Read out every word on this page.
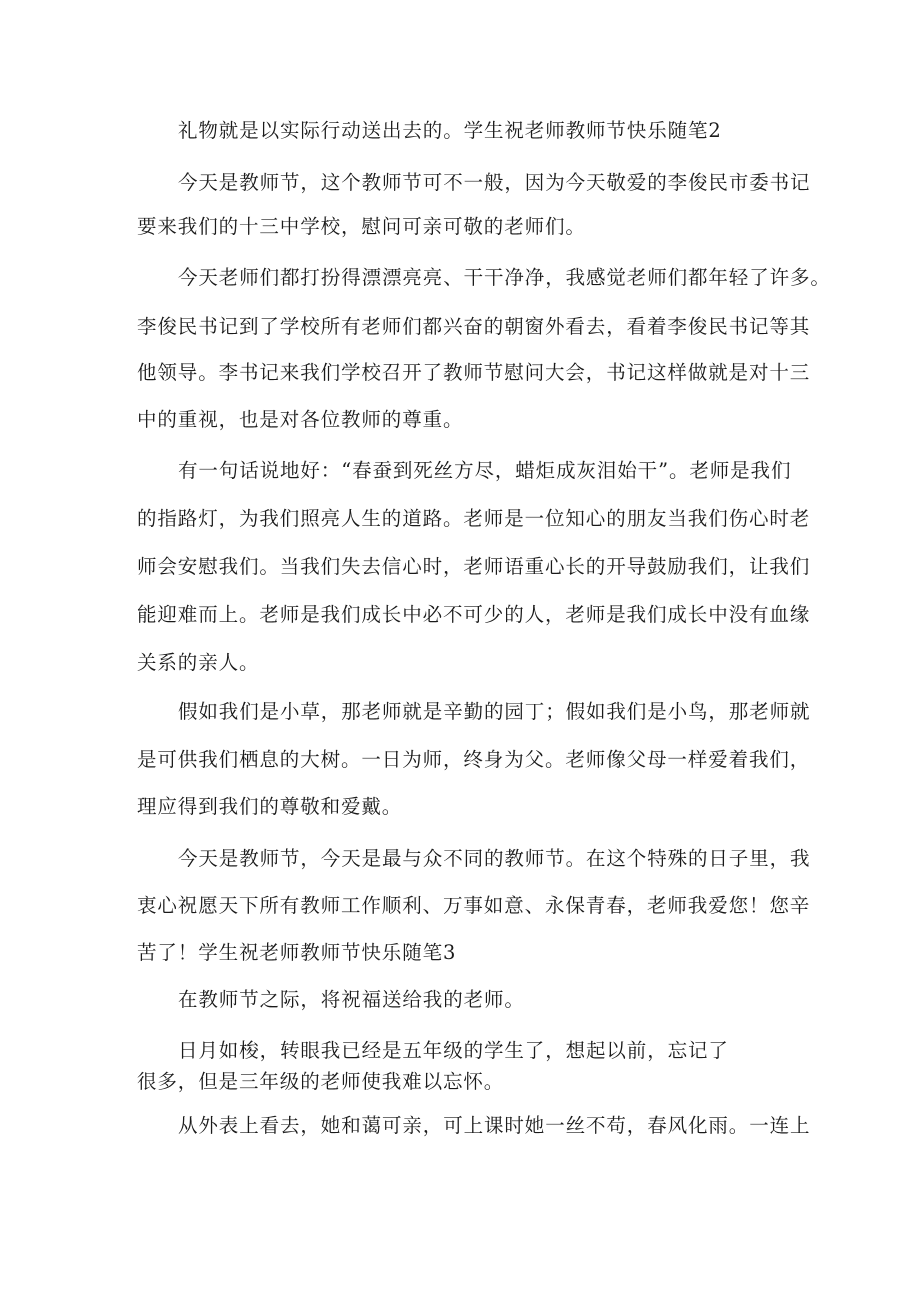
礼物就是以实际行动送出去的。学生祝老师教师节快乐随笔2
今天是教师节，这个教师节可不一般，因为今天敬爱的李俊民市委书记
要来我们的十三中学校，慰问可亲可敬的老师们。
今天老师们都打扮得漂漂亮亮、干干净净，我感觉老师们都年轻了许多。
李俊民书记到了学校所有老师们都兴奋的朝窗外看去，看着李俊民书记等其
他领导。李书记来我们学校召开了教师节慰问大会，书记这样做就是对十三
中的重视，也是对各位教师的尊重。
有一句话说地好：“春蚕到死丝方尽，蜡炬成灰泪始干”。老师是我们
的指路灯，为我们照亮人生的道路。老师是一位知心的朋友当我们伤心时老
师会安慰我们。当我们失去信心时，老师语重心长的开导鼓励我们，让我们
能迎难而上。老师是我们成长中必不可少的人，老师是我们成长中没有血缘
关系的亲人。
假如我们是小草，那老师就是辛勤的园丁；假如我们是小鸟，那老师就
是可供我们栖息的大树。一日为师，终身为父。老师像父母一样爱着我们，
理应得到我们的尊敬和爱戴。
今天是教师节，今天是最与众不同的教师节。在这个特殊的日子里，我
衷心祝愿天下所有教师工作顺利、万事如意、永保青春，老师我爱您！您辛
苦了！学生祝老师教师节快乐随笔3
在教师节之际，将祝福送给我的老师。
日月如梭，转眼我已经是五年级的学生了，想起以前，忘记了
很多，但是三年级的老师使我难以忘怀。
从外表上看去，她和蔼可亲，可上课时她一丝不苟，春风化雨。一连上
